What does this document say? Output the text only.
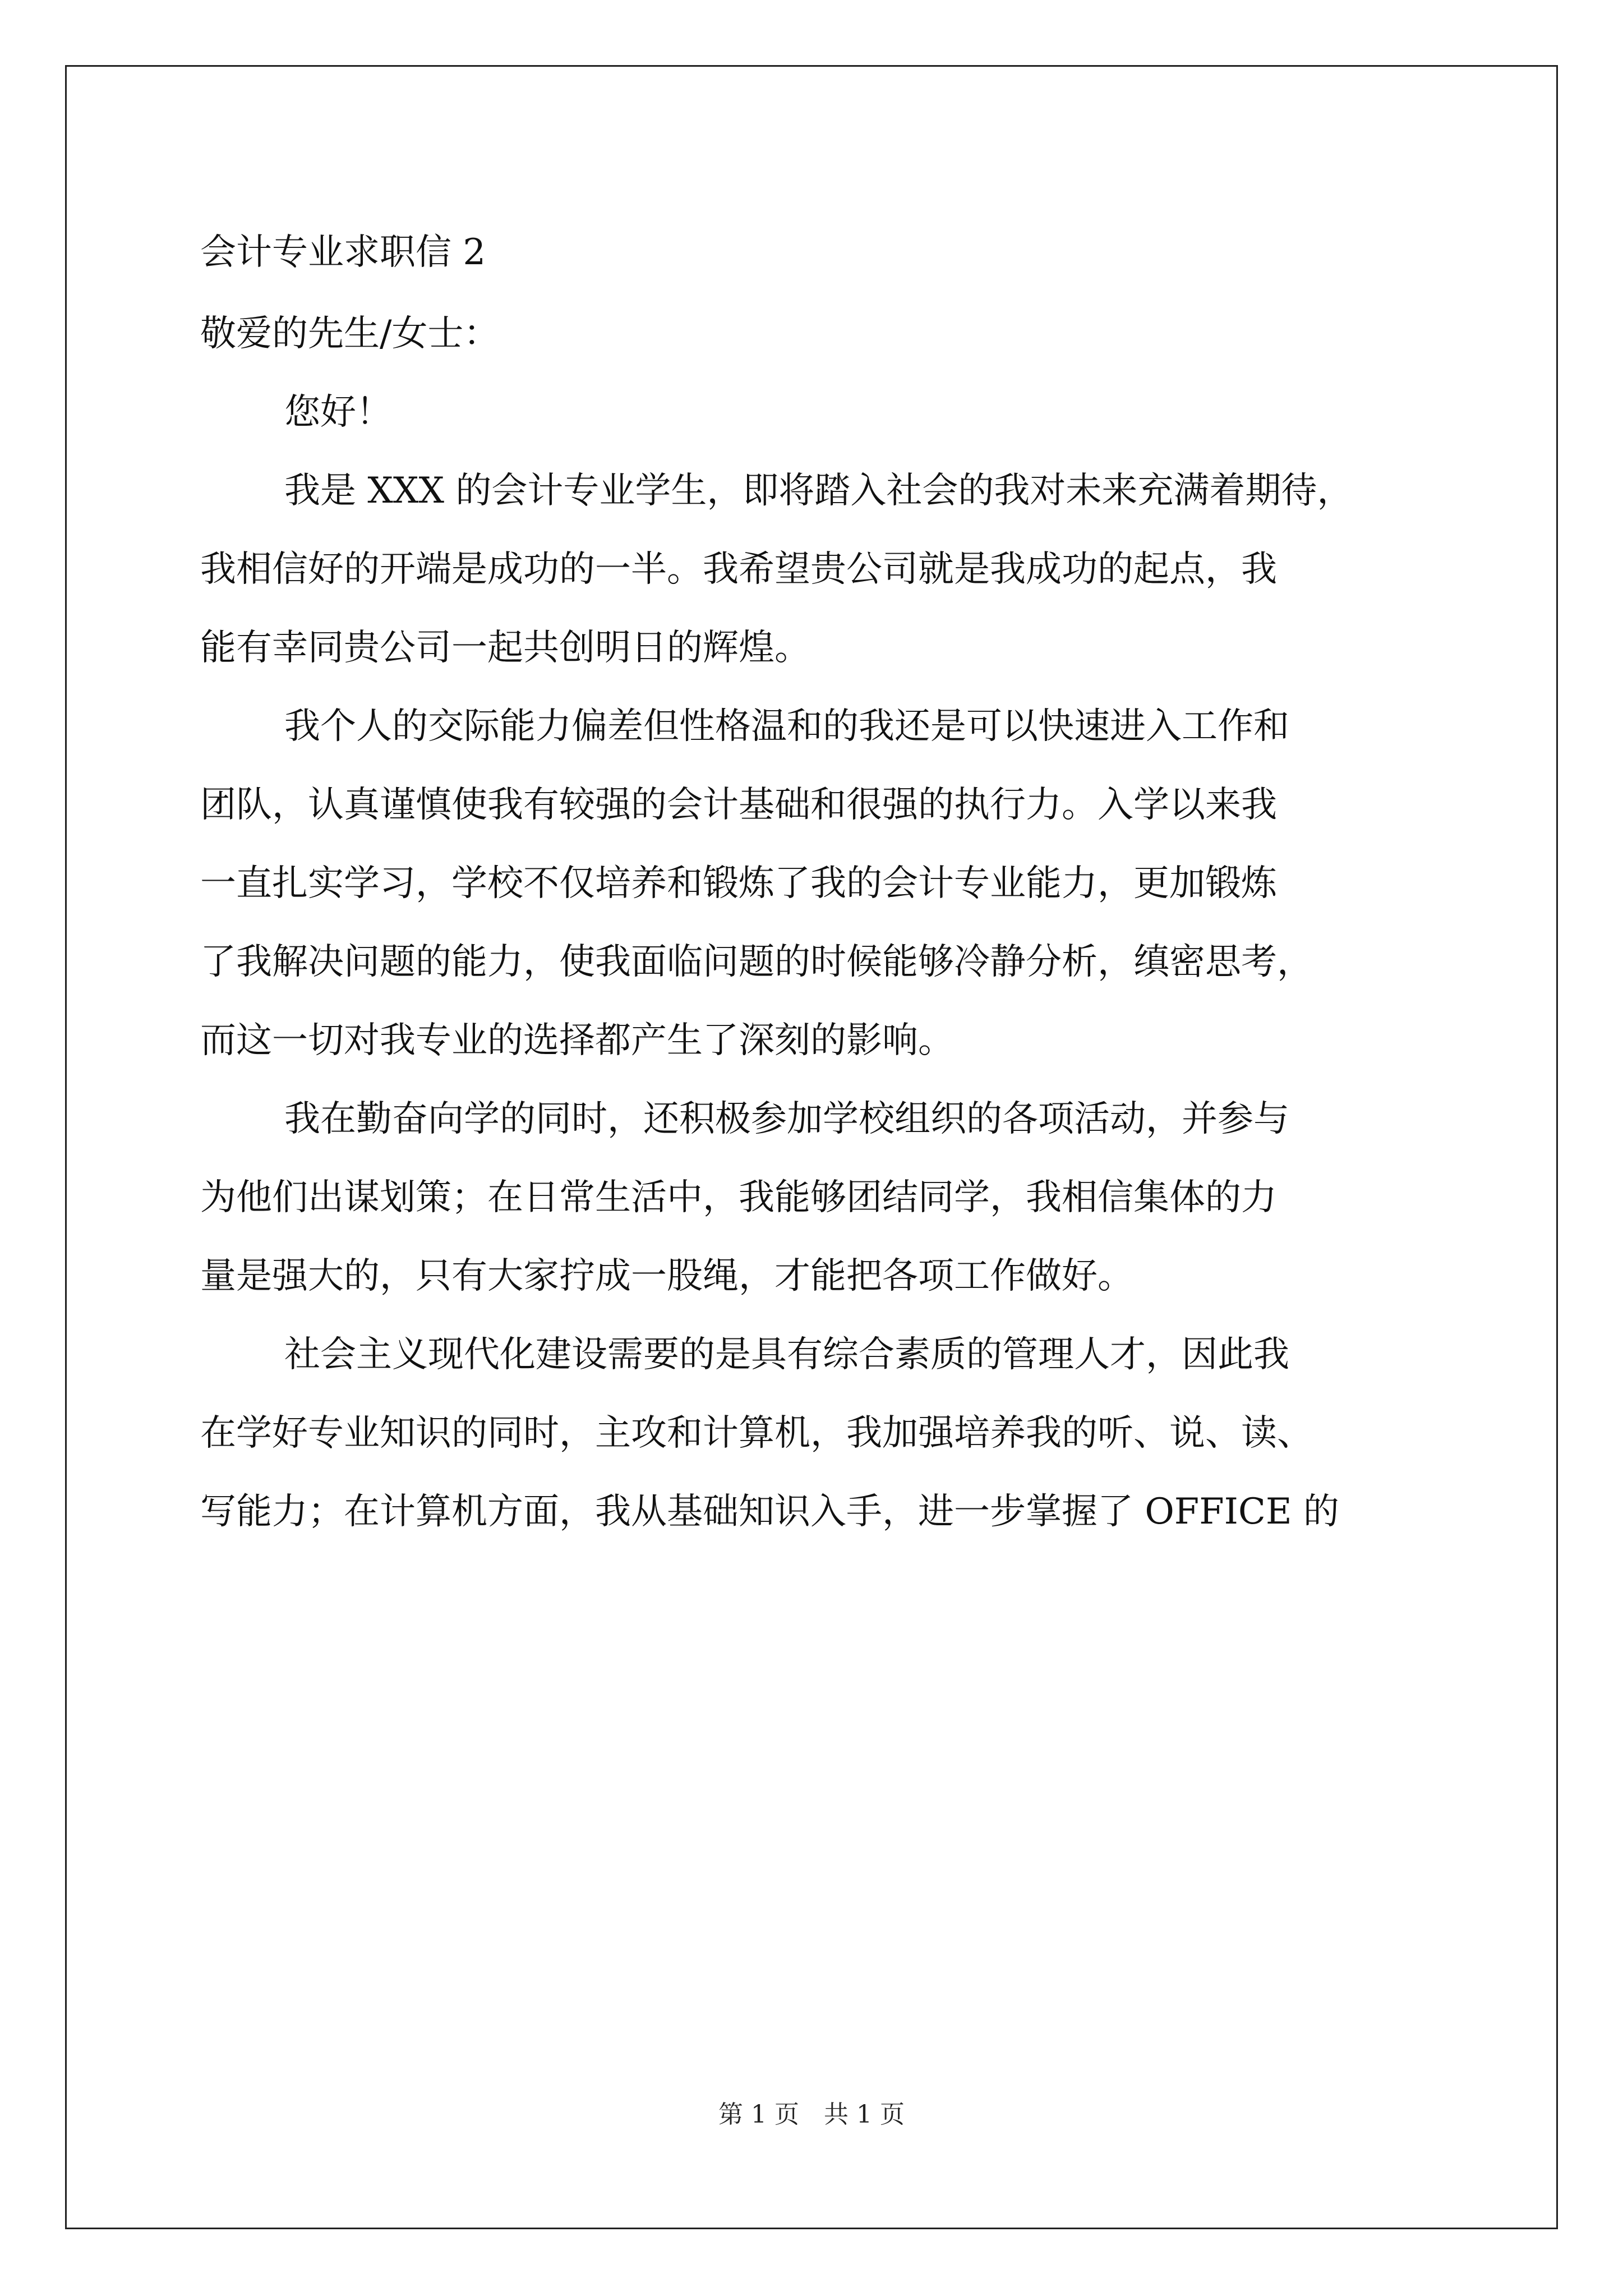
会计专业求职信 2
敬爱的先生/女士：
您好！
我是 XXX 的会计专业学生，即将踏入社会的我对未来充满着期待，
我相信好的开端是成功的一半。我希望贵公司就是我成功的起点，我
能有幸同贵公司一起共创明日的辉煌。
我个人的交际能力偏差但性格温和的我还是可以快速进入工作和
团队，认真谨慎使我有较强的会计基础和很强的执行力。入学以来我
一直扎实学习，学校不仅培养和锻炼了我的会计专业能力，更加锻炼
了我解决问题的能力，使我面临问题的时候能够冷静分析，缜密思考，
而这一切对我专业的选择都产生了深刻的影响。
我在勤奋向学的同时，还积极参加学校组织的各项活动，并参与
为他们出谋划策；在日常生活中，我能够团结同学，我相信集体的力
量是强大的，只有大家拧成一股绳，才能把各项工作做好。
社会主义现代化建设需要的是具有综合素质的管理人才，因此我
在学好专业知识的同时，主攻和计算机，我加强培养我的听、说、读、
写能力；在计算机方面，我从基础知识入手，进一步掌握了 OFFICE 的
第 1 页　共 1 页
